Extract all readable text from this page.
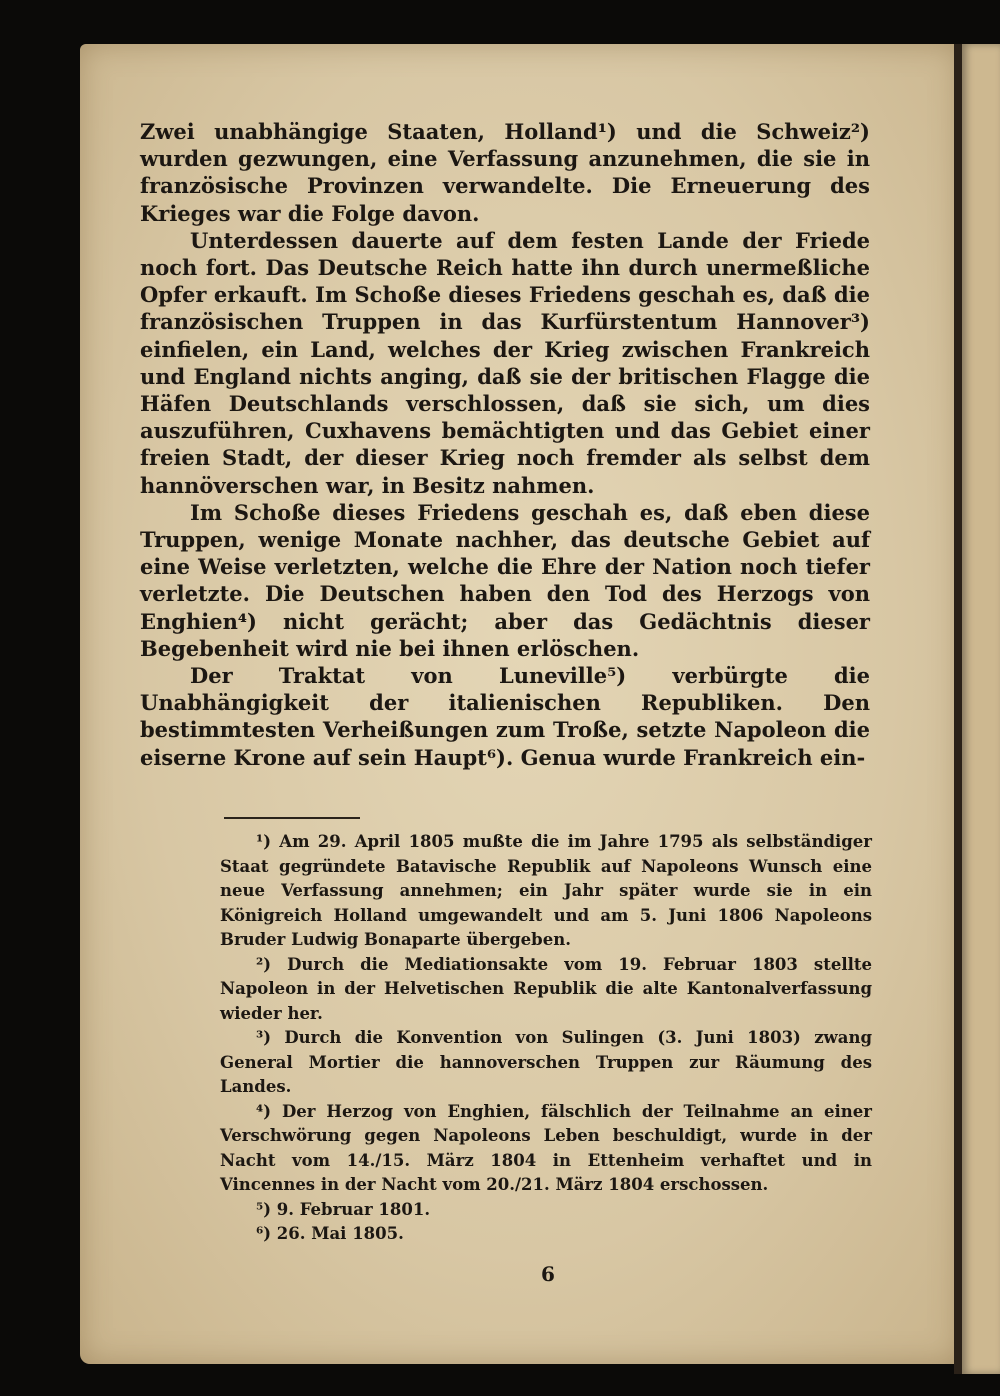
Zwei unabhängige Staaten, Holland¹) und die Schweiz²) wurden gezwungen, eine Verfassung anzunehmen, die sie in französische Provinzen verwandelte. Die Erneuerung des Krieges war die Folge davon.

Unterdessen dauerte auf dem festen Lande der Friede noch fort. Das Deutsche Reich hatte ihn durch unermeßliche Opfer erkauft. Im Schoße dieses Friedens geschah es, daß die französischen Truppen in das Kurfürstentum Hannover³) einfielen, ein Land, welches der Krieg zwischen Frankreich und England nichts anging, daß sie der britischen Flagge die Häfen Deutschlands verschlossen, daß sie sich, um dies auszuführen, Cuxhavens bemächtigten und das Gebiet einer freien Stadt, der dieser Krieg noch fremder als selbst dem hannöverschen war, in Besitz nahmen.

Im Schoße dieses Friedens geschah es, daß eben diese Truppen, wenige Monate nachher, das deutsche Gebiet auf eine Weise verletzten, welche die Ehre der Nation noch tiefer verletzte. Die Deutschen haben den Tod des Herzogs von Enghien⁴) nicht gerächt; aber das Gedächtnis dieser Begebenheit wird nie bei ihnen erlöschen.

Der Traktat von Luneville⁵) verbürgte die Unabhängigkeit der italienischen Republiken. Den bestimmtesten Verheißungen zum Troße, setzte Napoleon die eiserne Krone auf sein Haupt⁶). Genua wurde Frankreich ein-

¹) Am 29. April 1805 mußte die im Jahre 1795 als selbständiger Staat gegründete Batavische Republik auf Napoleons Wunsch eine neue Verfassung annehmen; ein Jahr später wurde sie in ein Königreich Holland umgewandelt und am 5. Juni 1806 Napoleons Bruder Ludwig Bonaparte übergeben.

²) Durch die Mediationsakte vom 19. Februar 1803 stellte Napoleon in der Helvetischen Republik die alte Kantonalverfassung wieder her.

³) Durch die Konvention von Sulingen (3. Juni 1803) zwang General Mortier die hannoverschen Truppen zur Räumung des Landes.

⁴) Der Herzog von Enghien, fälschlich der Teilnahme an einer Verschwörung gegen Napoleons Leben beschuldigt, wurde in der Nacht vom 14./15. März 1804 in Ettenheim verhaftet und in Vincennes in der Nacht vom 20./21. März 1804 erschossen.

⁵) 9. Februar 1801.

⁶) 26. Mai 1805.

6
